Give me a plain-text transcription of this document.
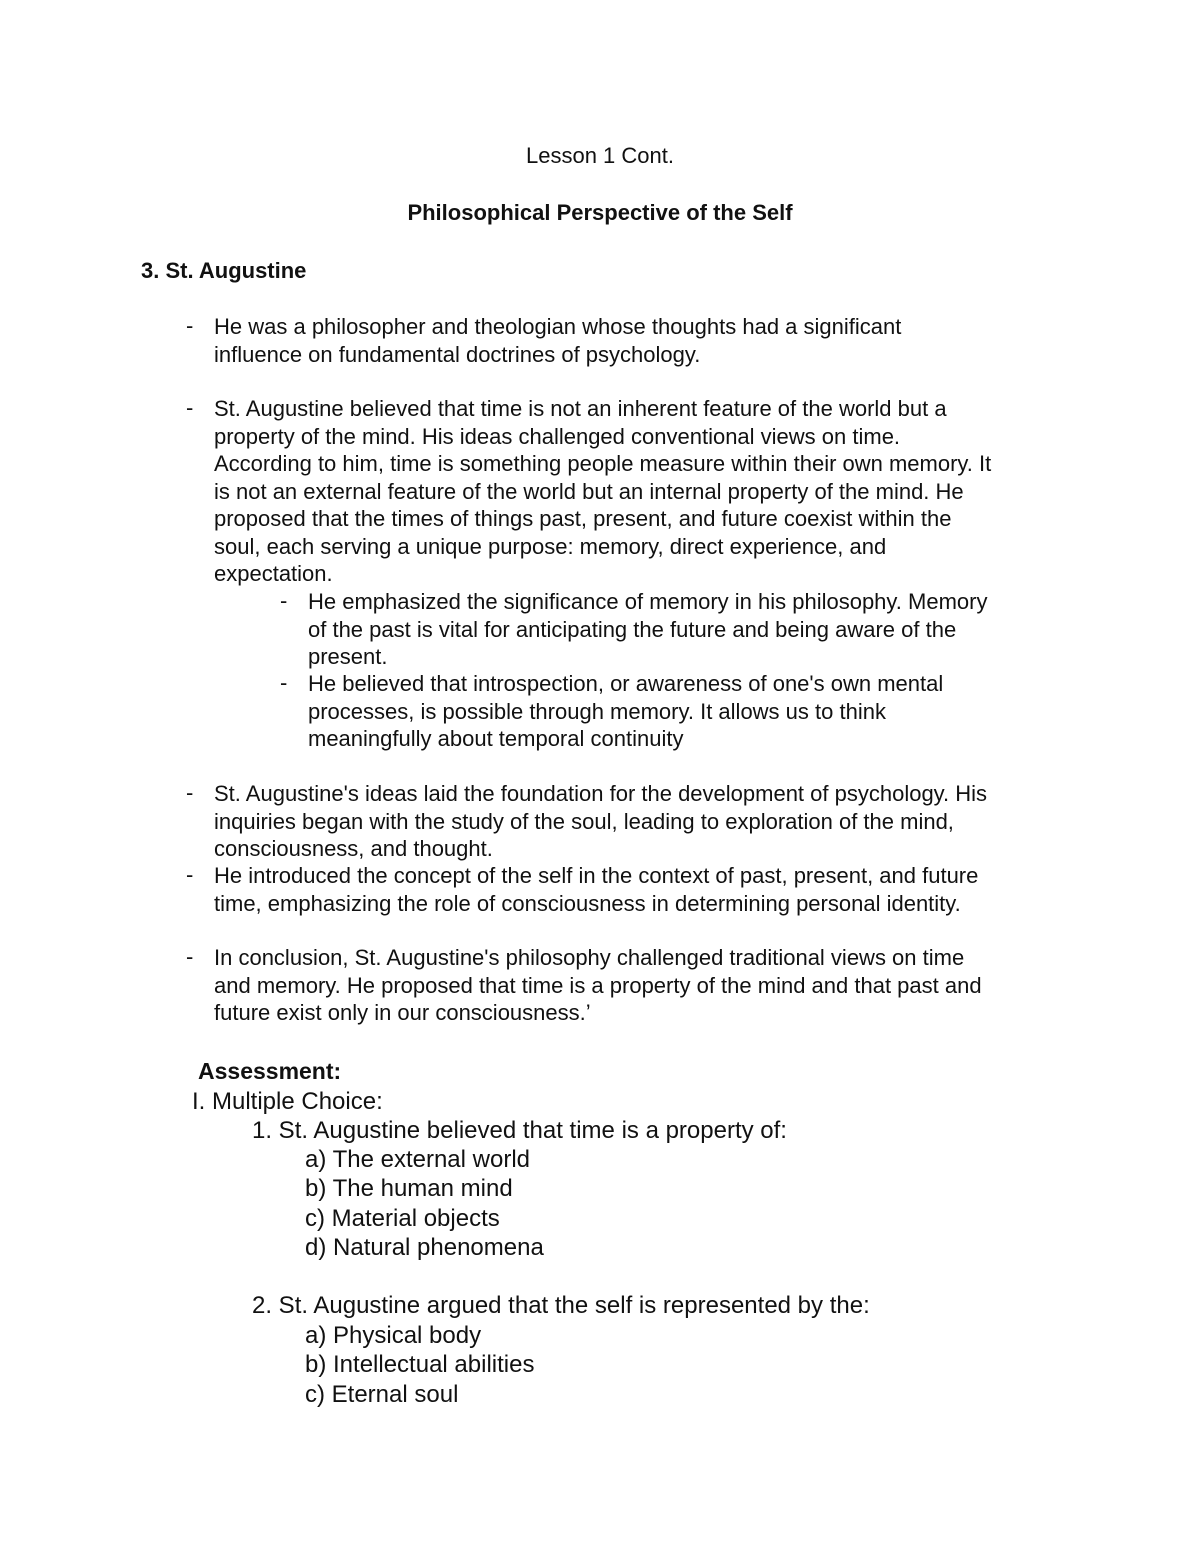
Lesson 1 Cont.

Philosophical Perspective of the Self

3. St. Augustine

- He was a philosopher and theologian whose thoughts had a significant
influence on fundamental doctrines of psychology.
- St. Augustine believed that time is not an inherent feature of the world but a
property of the mind. His ideas challenged conventional views on time.
According to him, time is something people measure within their own memory. It
is not an external feature of the world but an internal property of the mind. He
proposed that the times of things past, present, and future coexist within the
soul, each serving a unique purpose: memory, direct experience, and
expectation.
- He emphasized the significance of memory in his philosophy. Memory
of the past is vital for anticipating the future and being aware of the
present.
- He believed that introspection, or awareness of one's own mental
processes, is possible through memory. It allows us to think
meaningfully about temporal continuity
- St. Augustine's ideas laid the foundation for the development of psychology. His
inquiries began with the study of the soul, leading to exploration of the mind,
consciousness, and thought.
- He introduced the concept of the self in the context of past, present, and future
time, emphasizing the role of consciousness in determining personal identity.
- In conclusion, St. Augustine's philosophy challenged traditional views on time
and memory. He proposed that time is a property of the mind and that past and
future exist only in our consciousness.’

Assessment:

I. Multiple Choice:

1. St. Augustine believed that time is a property of:

a) The external world

b) The human mind

c) Material objects

d) Natural phenomena

2. St. Augustine argued that the self is represented by the:

a) Physical body

b) Intellectual abilities

c) Eternal soul
